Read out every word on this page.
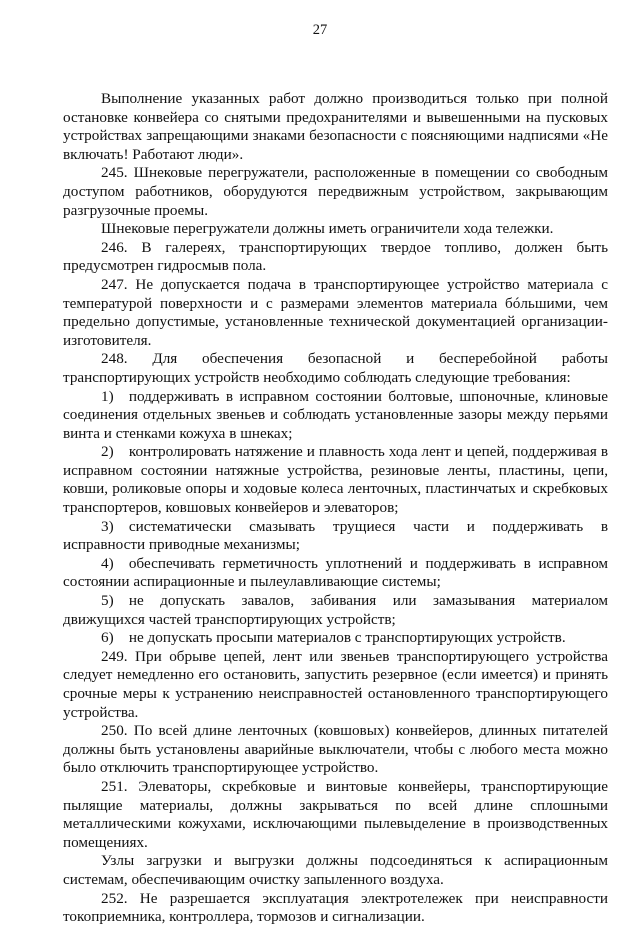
27

Выполнение указанных работ должно производиться только при полной остановке конвейера со снятыми предохранителями и вывешенными на пусковых устройствах запрещающими знаками безопасности с поясняющими надписями «Не включать! Работают люди».

245. Шнековые перегружатели, расположенные в помещении со свободным доступом работников, оборудуются передвижным устройством, закрывающим разгрузочные проемы.

Шнековые перегружатели должны иметь ограничители хода тележки.

246. В галереях, транспортирующих твердое топливо, должен быть предусмотрен гидросмыв пола.

247. Не допускается подача в транспортирующее устройство материала с температурой поверхности и с размерами элементов материала бóльшими, чем предельно допустимые, установленные технической документацией организации-изготовителя.

248. Для обеспечения безопасной и бесперебойной работы транспортирующих устройств необходимо соблюдать следующие требования:

1) поддерживать в исправном состоянии болтовые, шпоночные, клиновые соединения отдельных звеньев и соблюдать установленные зазоры между перьями винта и стенками кожуха в шнеках;

2) контролировать натяжение и плавность хода лент и цепей, поддерживая в исправном состоянии натяжные устройства, резиновые ленты, пластины, цепи, ковши, роликовые опоры и ходовые колеса ленточных, пластинчатых и скребковых транспортеров, ковшовых конвейеров и элеваторов;

3) систематически смазывать трущиеся части и поддерживать в исправности приводные механизмы;

4) обеспечивать герметичность уплотнений и поддерживать в исправном состоянии аспирационные и пылеулавливающие системы;

5) не допускать завалов, забивания или замазывания материалом движущихся частей транспортирующих устройств;

6) не допускать просыпи материалов с транспортирующих устройств.

249. При обрыве цепей, лент или звеньев транспортирующего устройства следует немедленно его остановить, запустить резервное (если имеется) и принять срочные меры к устранению неисправностей остановленного транспортирующего устройства.

250. По всей длине ленточных (ковшовых) конвейеров, длинных питателей должны быть установлены аварийные выключатели, чтобы с любого места можно было отключить транспортирующее устройство.

251. Элеваторы, скребковые и винтовые конвейеры, транспортирующие пылящие материалы, должны закрываться по всей длине сплошными металлическими кожухами, исключающими пылевыделение в производственных помещениях.

Узлы загрузки и выгрузки должны подсоединяться к аспирационным системам, обеспечивающим очистку запыленного воздуха.

252. Не разрешается эксплуатация электротележек при неисправности токоприемника, контроллера, тормозов и сигнализации.
